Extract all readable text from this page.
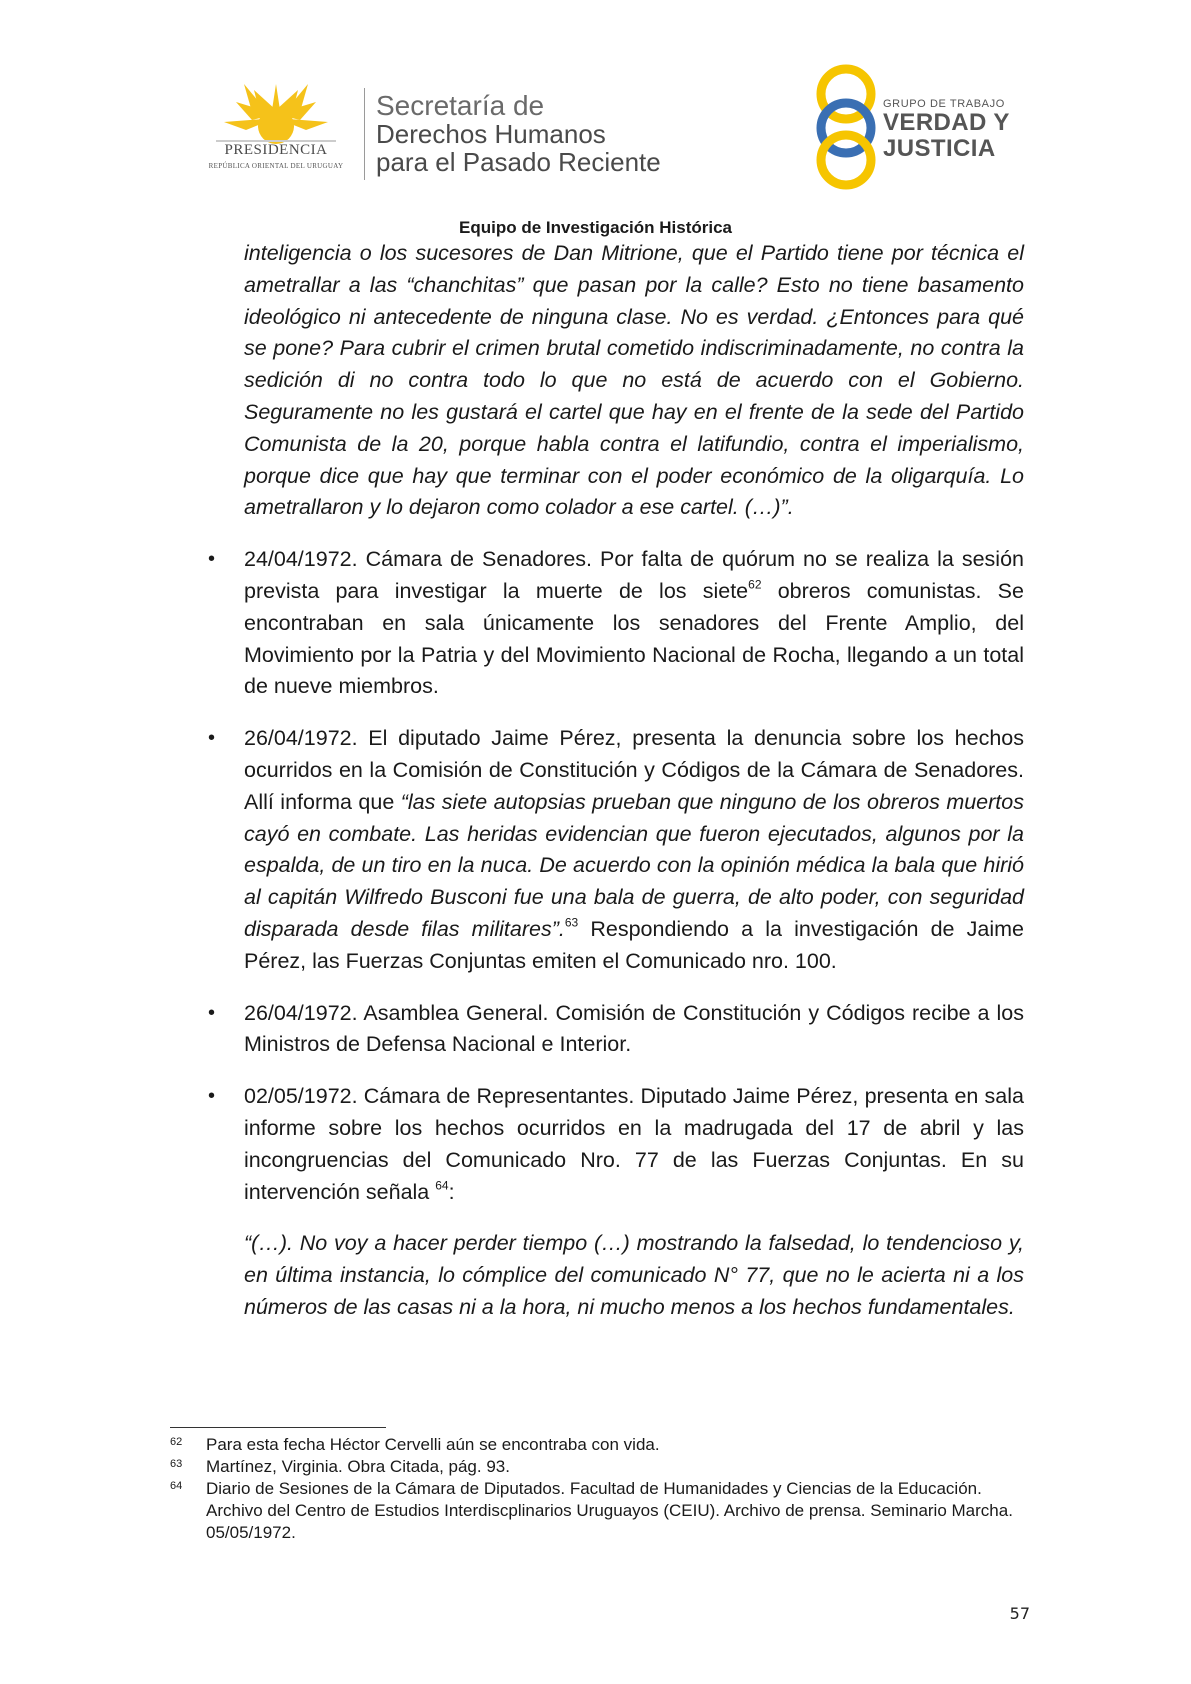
PRESIDENCIA
REPÚBLICA ORIENTAL DEL URUGUAY
Secretaría de
Derechos Humanos
para el Pasado Reciente
GRUPO DE TRABAJO
VERDAD Y
JUSTICIA
Equipo de Investigación Histórica

inteligencia o los sucesores de Dan Mitrione, que el Partido tiene por técnica el ametrallar a las “chanchitas” que pasan por la calle? Esto no tiene basamento ideológico ni antecedente de ninguna clase. No es verdad. ¿Entonces para qué se pone? Para cubrir el crimen brutal cometido indiscriminadamente, no contra la sedición di no contra todo lo que no está de acuerdo con el Gobierno. Seguramente no les gustará el cartel que hay en el frente de la sede del Partido Comunista de la 20, porque habla contra el latifundio, contra el imperialismo, porque dice que hay que terminar con el poder económico de la oligarquía. Lo ametrallaron y lo dejaron como colador a ese cartel. (…)”.

• 24/04/1972. Cámara de Senadores. Por falta de quórum no se realiza la sesión prevista para investigar la muerte de los siete$^{62}$ obreros comunistas. Se encontraban en sala únicamente los senadores del Frente Amplio, del Movimiento por la Patria y del Movimiento Nacional de Rocha, llegando a un total de nueve miembros.
• 26/04/1972. El diputado Jaime Pérez, presenta la denuncia sobre los hechos ocurridos en la Comisión de Constitución y Códigos de la Cámara de Senadores. Allí informa que “las siete autopsias prueban que ninguno de los obreros muertos cayó en combate. Las heridas evidencian que fueron ejecutados, algunos por la espalda, de un tiro en la nuca. De acuerdo con la opinión médica la bala que hirió al capitán Wilfredo Busconi fue una bala de guerra, de alto poder, con seguridad disparada desde filas militares”.$^{63}$ Respondiendo a la investigación de Jaime Pérez, las Fuerzas Conjuntas emiten el Comunicado nro. 100.
• 26/04/1972. Asamblea General. Comisión de Constitución y Códigos recibe a los Ministros de Defensa Nacional e Interior.
• 02/05/1972. Cámara de Representantes. Diputado Jaime Pérez, presenta en sala informe sobre los hechos ocurridos en la madrugada del 17 de abril y las incongruencias del Comunicado Nro. 77 de las Fuerzas Conjuntas. En su intervención señala $^{64}$:

“(…). No voy a hacer perder tiempo (…) mostrando la falsedad, lo tendencioso y, en última instancia, lo cómplice del comunicado N° 77, que no le acierta ni a los números de las casas ni a la hora, ni mucho menos a los hechos fundamentales.

62 Para esta fecha Héctor Cervelli aún se encontraba con vida.
63 Martínez, Virginia. Obra Citada, pág. 93.
64 Diario de Sesiones de la Cámara de Diputados. Facultad de Humanidades y Ciencias de la Educación. Archivo del Centro de Estudios Interdiscplinarios Uruguayos (CEIU). Archivo de prensa. Seminario Marcha. 05/05/1972.
57
